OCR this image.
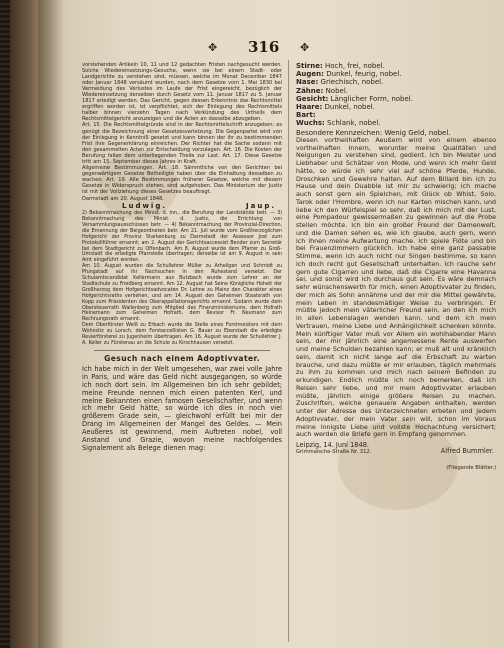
✥ 316 ✥

vorstehenden Artikeln 10, 11 und 12 gedachten Fristen nachgesucht werden. Solche Wiedereinsetzungs-Gesuche, wenn sie bei einem Stadt- oder Landgerichte zu verstehen sind, müssen, welche im Monat December 1847 oder Januar 1848 versäumt wurden, nach dem Gesetze vom 1. Mai 1830 bei Vermeidung des Verlustes im Laufe der Frist eingereicht, bezüglich der Wiedereinsetzung derselben durch Gesetz vom 11. Januar 1817 zu 5. Januar 1817 erledigt werden. Das Gericht, gegen dessen Erkenntnis das Rechtsmittel ergriffen worden ist, ist verpflichtet, sich der Einlegung des Rechtsmittels halber binnen vierzehn Tagen nach Verkündung des Urtheils dem Rechtsmittelgericht anzuzeigen und die Acten an dasselbe abzugeben.

Art. 15. Die Rechtsmittelgründe sind in der Rechtsmittelschrift anzugeben; es genügt die Bezeichnung einer Gesetzesverletzung. Die Gegenpartei wird von der Einlegung in Kenntniß gesetzt und kann binnen der ihr zu bestimmenden Frist ihre Gegenerklärung einreichen. Der Richter hat die Sache sodann mit den gesammelten Acten zur Entscheidung vorzulegen. Art. 16. Die Kosten der Berufung fallen dem unterliegenden Theile zur Last. Art. 17. Diese Gesetze tritt am 15. September dieses Jahres in Kraft.

Allgemeine Bestimmungen. Art. 18. Sämmtliche von den Gerichten bei gegenwärtigem Gesetze Betheiligte haben über die Einhaltung desselben zu wachen. Art. 19. Alle Bestimmungen früherer Gesetze, welche mit diesem Gesetze in Widerspruch stehen, sind aufgehoben. Das Ministerium der Justiz ist mit der Vollziehung dieses Gesetzes beauftragt.

Darmstadt am 20. August 1848.

Ludwig.	Jaup.

2) Bekanntmachung des Minist. d. Inn., die Berufung der Landstände betr. — 3) Bekanntmachung des Minist. d. Justiz, die Errichtung von Versammlungsausschüssen betr. — 4) Bekanntmachung der Provinzial-Direction, die Ernennung der Beigeordneten betr. Am 21. Juli wurde vom Großherzoglichen Hofgericht der Provinz Starkenburg zu Darmstadt der Assessor Jost zum Protokollführer ernannt; am 2. August der Gerichtsaccessist Bender zum Secretär bei dem Stadtgericht zu Offenbach. Am 8. August wurde dem Pfarrer zu Groß-Umstadt die erledigte Pfarrstelle übertragen; derselbe ist am 9. August in sein Amt eingeführt worden.

Am 10. August wurden die Schullehrer Müller zu Arheilgen und Schmidt zu Pfungstadt auf ihr Nachsuchen in den Ruhestand versetzt. Der Schulamtscandidat Kellermann aus Butzbach wurde zum Lehrer an der Stadtschule zu Friedberg ernannt. Am 12. August hat Seine Königliche Hoheit der Großherzog dem Hofgerichtsadvocaten Dr. Lehne zu Mainz den Charakter eines Hofgerichtsraths verliehen, und am 14. August den Geheimen Staatsrath von Kopp zum Präsidenten des Oberappellationsgerichts ernannt. Sodann wurde dem Obersteuerrath Wallenberg zum Mitglied des Finanzministeriums, dem Hofrath Heinemann zum Geheimen Hofrath, dem Revisor Fr. Neumann zum Rechnungsrath ernannt.

Dem Oberförster Weiß zu Erbach wurde die Stelle eines Forstmeisters mit dem Wohnsitz zu Lorsch, dem Forstacceßisten G. Bauer zu Eberstadt die erledigte Revierförsterei zu Jugenheim übertragen. Am 16. August wurde der Schullehrer J. A. Keller zu Fürstenau an die Schule zu Kirschhausen versetzt.

Gesuch nach einem Adoptivvater.

Ich habe mich in der Welt umgesehen, war zwei volle Jahre in Paris, und wäre das Geld nicht ausgegangen, so würde ich noch dort sein. Im Allgemeinen bin ich sehr gebildet; meine Freunde nennen mich einen patenten Kerl, und meine Bekannten einen famosen Gesellschafter, und wenn ich mehr Geld hätte, so würde ich dies in noch viel größerem Grade sein, — gleichwohl erfüllt bei mir der Drang im Allgemeinen der Mangel des Geldes. — Mein Aeußeres ist gewinnend, mein Auftreten nobel, voll Anstand und Grazie, wovon meine nachfolgendes Signalement als Belege dienen mag:

Stirne: Hoch, frei, nobel.

Augen: Dunkel, feurig, nobel.

Nase: Griechisch, nobel.

Zähne: Nobel.

Gesicht: Länglicher Form, nobel.

Haare: Dunkel, nobel.

Bart:

Wuchs: Schlank, nobel.

Besondere Kennzeichen: Wenig Geld, nobel.

Diesen vortheilhaften Aeußern wird von einem ebenso vortheilhaften Innern, worunter meine Qualitäten und Neigungen zu verstehen sind, gedient. Ich bin Meister und Liebhaber und Schätzer von Mode, und wenn ich mehr Geld hätte, so würde ich sehr viel auf schöne Pferde, Hunde, Droschken und Gewehre halten. Auf dem Billard bin ich zu Hause und dein Duabble ist mir zu schwierig; ich mache auch sonst gern ein Spielchen, mit Glück ob Whist, Solo, Tarok oder l'Hombre, wenn ich nur Karten mischen kann, und liebe ich den Würfelspiel so sehr, daß ich mich mit der Lust, eine Pompadour gewissermaßen zu gewinnen auf die Probe stellen möchte. Ich bin ein großer Freund der Damenwelt, und die Damen sehen es, wie ich glaube, auch gern, wenn ich ihnen meine Aufwartung mache. Ich spiele Flöte und bin bei Frauenzimmern glücklich. Ich habe eine ganz passable Stimme, wenn ich auch nicht nur Singen bestimme, so kann ich doch recht gut Gesellschaft unterhalten. Ich rauche sehr gern gute Cigarren und liebe, daß die Cigarre eine Havanna sei, und sonst wird ich durchaus gut sein. Es wäre demnach sehr wünschenswerth für mich, einen Adoptivvater zu finden, der mich als Sohn annähme und der mir die Mittel gewährte, mein Leben in standesmäßiger Weise zu verbringen. Er müßte jedoch mein väterlicher Freund sein, an den ich mich in allen Lebenslagen wenden kann, und dem ich mein Vertrauen, meine Liebe und Anhänglichkeit schenken könnte. Mein künftiger Vater muß vor Allem ein wohlhabender Mann sein, der mir jährlich eine angemessene Rente auswerfen und meine Schulden bezahlen kann; er muß alt und kränklich sein, damit ich nicht lange auf die Erbschaft zu warten brauche, und dazu müßte er mir erlauben, täglich mehrmals zu ihm zu kommen und mich nach seinem Befinden zu erkundigen. Endlich müßte ich noch bemerken, daß ich Reisen sehr liebe, und mir mein Adoptivvater erlauben müßte, jährlich einige größere Reisen zu machen. Zuschriften, welche genauere Angaben enthalten, werden unter der Adresse des Unterzeichneten erbeten und jedem Adoptivvater, der mein Vater sein will, schon im Voraus meine innigste Liebe und vollste Hochachtung versichert; auch werden die Briefe gern in Empfang genommen.

Leipzig, 14. Juni 1848.

Grimmaische-Straße Nr. 312.	Alfred Bummler.

(Fliegende Blätter.)
